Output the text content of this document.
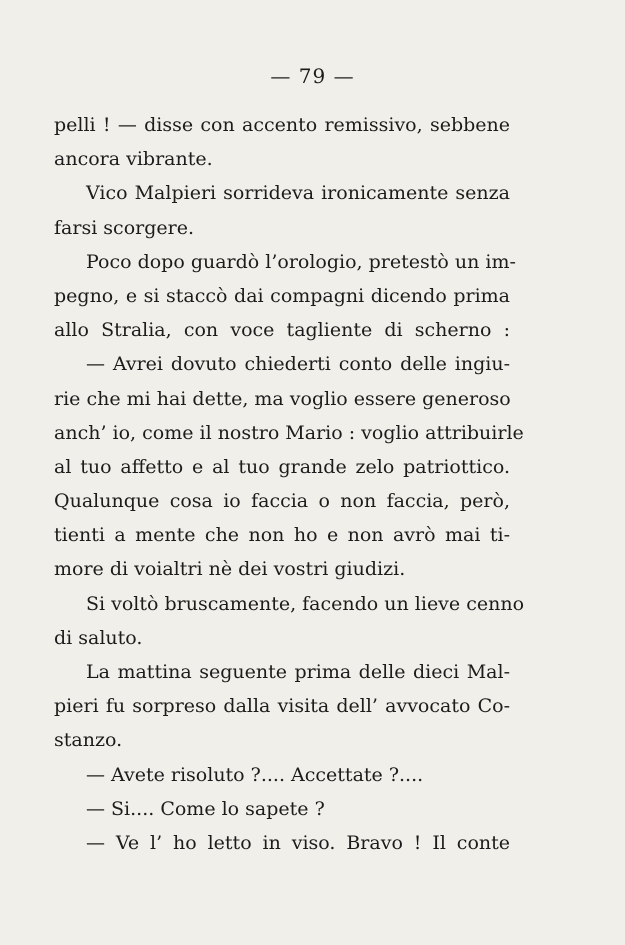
— 79 —
pelli ! — disse con accento remissivo, sebbene
ancora vibrante.
Vico Malpieri sorrideva ironicamente senza
farsi scorgere.
Poco dopo guardò l’orologio, pretestò un im-
pegno, e si staccò dai compagni dicendo prima
allo Stralia, con voce tagliente di scherno :
— Avrei dovuto chiederti conto delle ingiu-
rie che mi hai dette, ma voglio essere generoso
anch’ io, come il nostro Mario : voglio attribuirle
al tuo affetto e al tuo grande zelo patriottico.
Qualunque cosa io faccia o non faccia, però,
tienti a mente che non ho e non avrò mai ti-
more di voialtri nè dei vostri giudizi.
Si voltò bruscamente, facendo un lieve cenno
di saluto.
La mattina seguente prima delle dieci Mal-
pieri fu sorpreso dalla visita dell’ avvocato Co-
stanzo.
— Avete risoluto ?.... Accettate ?....
— Si.... Come lo sapete ?
— Ve l’ ho letto in viso. Bravo ! Il conte
